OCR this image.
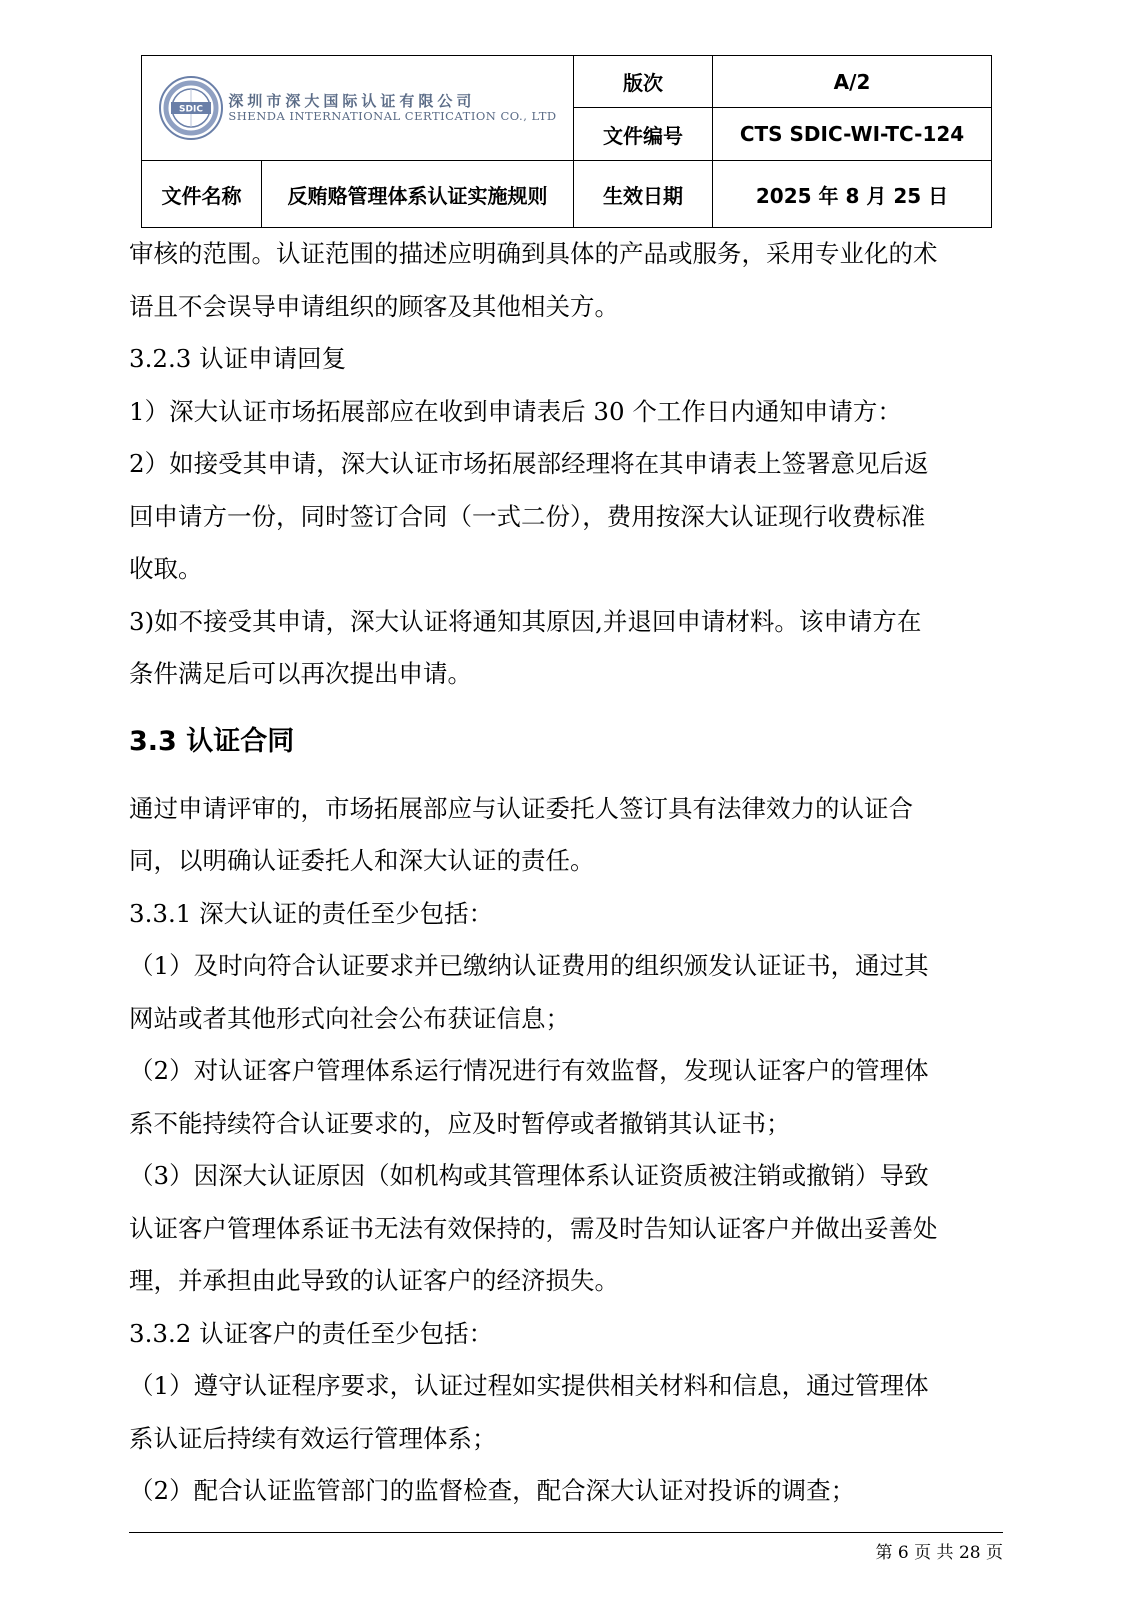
SDIC 深圳市深大国际认证有限公司
SHENDA INTERNATIONAL CERTICATION CO., LTD		版次	A/2
		文件编号	CTS SDIC-WI-TC-124
文件名称	反贿赂管理体系认证实施规则	生效日期	2025 年 8 月 25 日

审核的范围。认证范围的描述应明确到具体的产品或服务，采用专业化的术

语且不会误导申请组织的顾客及其他相关方。

3.2.3 认证申请回复

1）深大认证市场拓展部应在收到申请表后 30 个工作日内通知申请方：

2）如接受其申请，深大认证市场拓展部经理将在其申请表上签署意见后返

回申请方一份，同时签订合同（一式二份），费用按深大认证现行收费标准

收取。

3)如不接受其申请，深大认证将通知其原因,并退回申请材料。该申请方在

条件满足后可以再次提出申请。

3.3 认证合同

通过申请评审的，市场拓展部应与认证委托人签订具有法律效力的认证合

同，以明确认证委托人和深大认证的责任。

3.3.1 深大认证的责任至少包括：

（1）及时向符合认证要求并已缴纳认证费用的组织颁发认证证书，通过其

网站或者其他形式向社会公布获证信息；

（2）对认证客户管理体系运行情况进行有效监督，发现认证客户的管理体

系不能持续符合认证要求的，应及时暂停或者撤销其认证书；

（3）因深大认证原因（如机构或其管理体系认证资质被注销或撤销）导致

认证客户管理体系证书无法有效保持的，需及时告知认证客户并做出妥善处

理，并承担由此导致的认证客户的经济损失。

3.3.2 认证客户的责任至少包括：

（1）遵守认证程序要求，认证过程如实提供相关材料和信息，通过管理体

系认证后持续有效运行管理体系；

（2）配合认证监管部门的监督检查，配合深大认证对投诉的调查；

第 6 页 共 28 页
